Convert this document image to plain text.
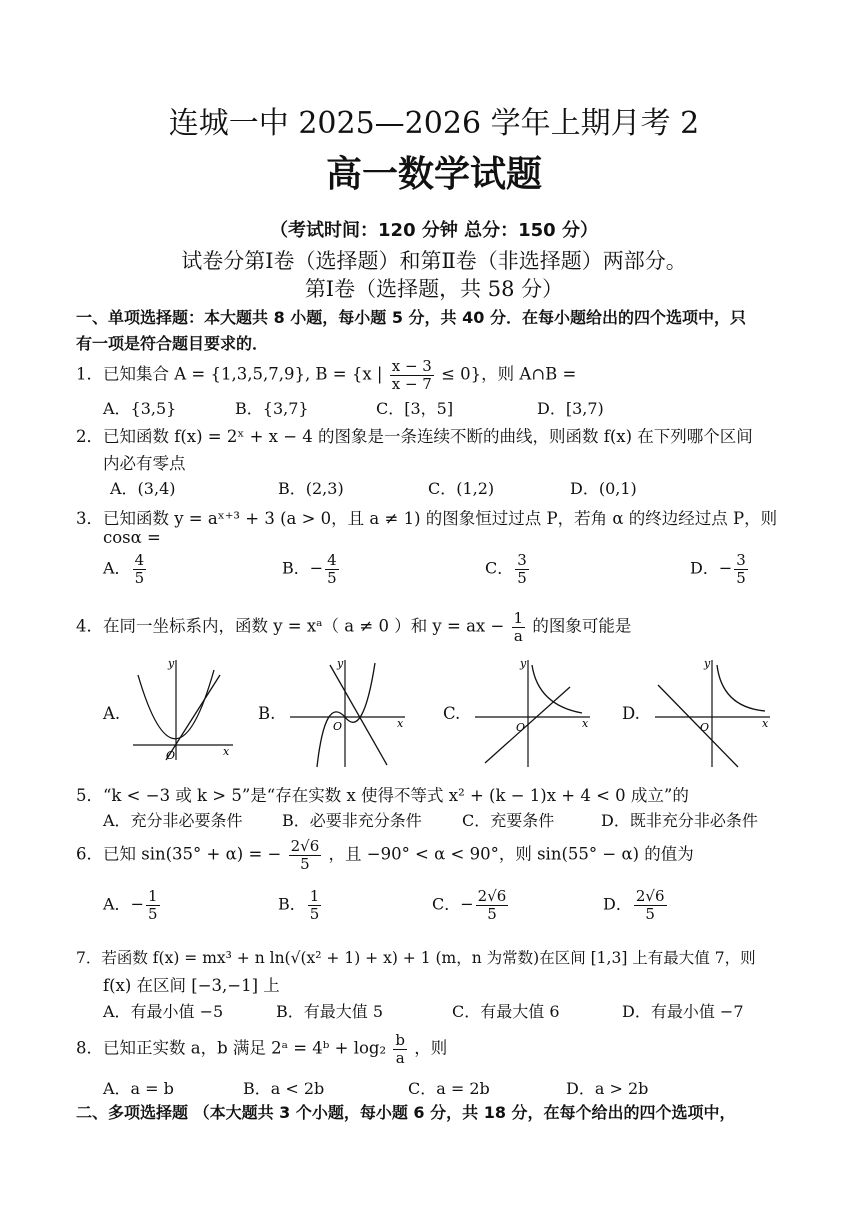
连城一中 2025—2026 学年上期月考 2
高一数学试题
（考试时间：120 分钟 总分：150 分）
试卷分第Ⅰ卷（选择题）和第Ⅱ卷（非选择题）两部分。
第Ⅰ卷（选择题，共 58 分）
一、单项选择题：本大题共 8 小题，每小题 5 分，共 40 分．在每小题给出的四个选项中，只
有一项是符合题目要求的．
1．已知集合 A = {1,3,5,7,9}, B = {x | $\frac{x - 3}{x - 7} \le 0$}，则 A∩B =
A．{3,5}	B．{3,7}	C．[3，5]	D．[3,7)
2．已知函数 f(x) = 2ˣ + x − 4 的图象是一条连续不断的曲线，则函数 f(x) 在下列哪个区间
内必有零点
A．(3,4)	B．(2,3)	C．(1,2)	D．(0,1)
3．已知函数 y = aˣ⁺³ + 3 (a > 0，且 a ≠ 1) 的图象恒过过点 P，若角 α 的终边经过点 P，则
cosα =
A． $\frac{4}{5}$	B．− $\frac{4}{5}$	C． $\frac{3}{5}$	D．− $\frac{3}{5}$
4．在同一坐标系内，函数 y = xᵃ（ a ≠ 0 ）和 y = ax − $\frac{1}{a}$ 的图象可能是
A.
O	x
y
B.
O	x
y
C.
O	x
y
D.
O	x
y
5．“k < −3 或 k > 5”是“存在实数 x 使得不等式 x² + (k − 1)x + 4 < 0 成立”的
A．充分非必要条件 B．必要非充分条件	C．充要条件	D．既非充分非必条件
6．已知 sin(35° + α) = − $\frac{2√6}{5}$ ，且 −90° < α < 90°，则 sin(55° − α) 的值为
A．− $\frac{1}{5}$	B． $\frac{1}{5}$	C．− $\frac{2√6}{5}$	D． $\frac{2√6}{5}$
7．若函数 f(x) = mx³ + n ln(√(x² + 1) + x) + 1 (m，n 为常数)在区间 [1,3] 上有最大值 7，则
f(x) 在区间 [−3,−1] 上
A．有最小值 −5	B．有最大值 5	C．有最大值 6	D．有最小值 −7
8．已知正实数 a，b 满足 2ᵃ = 4ᵇ + $\log_2 \frac{b}{a}$ ，则
A．a = b	B．a < 2b	C．a = 2b	D．a > 2b
二、多项选择题 （本大题共 3 个小题，每小题 6 分，共 18 分，在每个给出的四个选项中，
